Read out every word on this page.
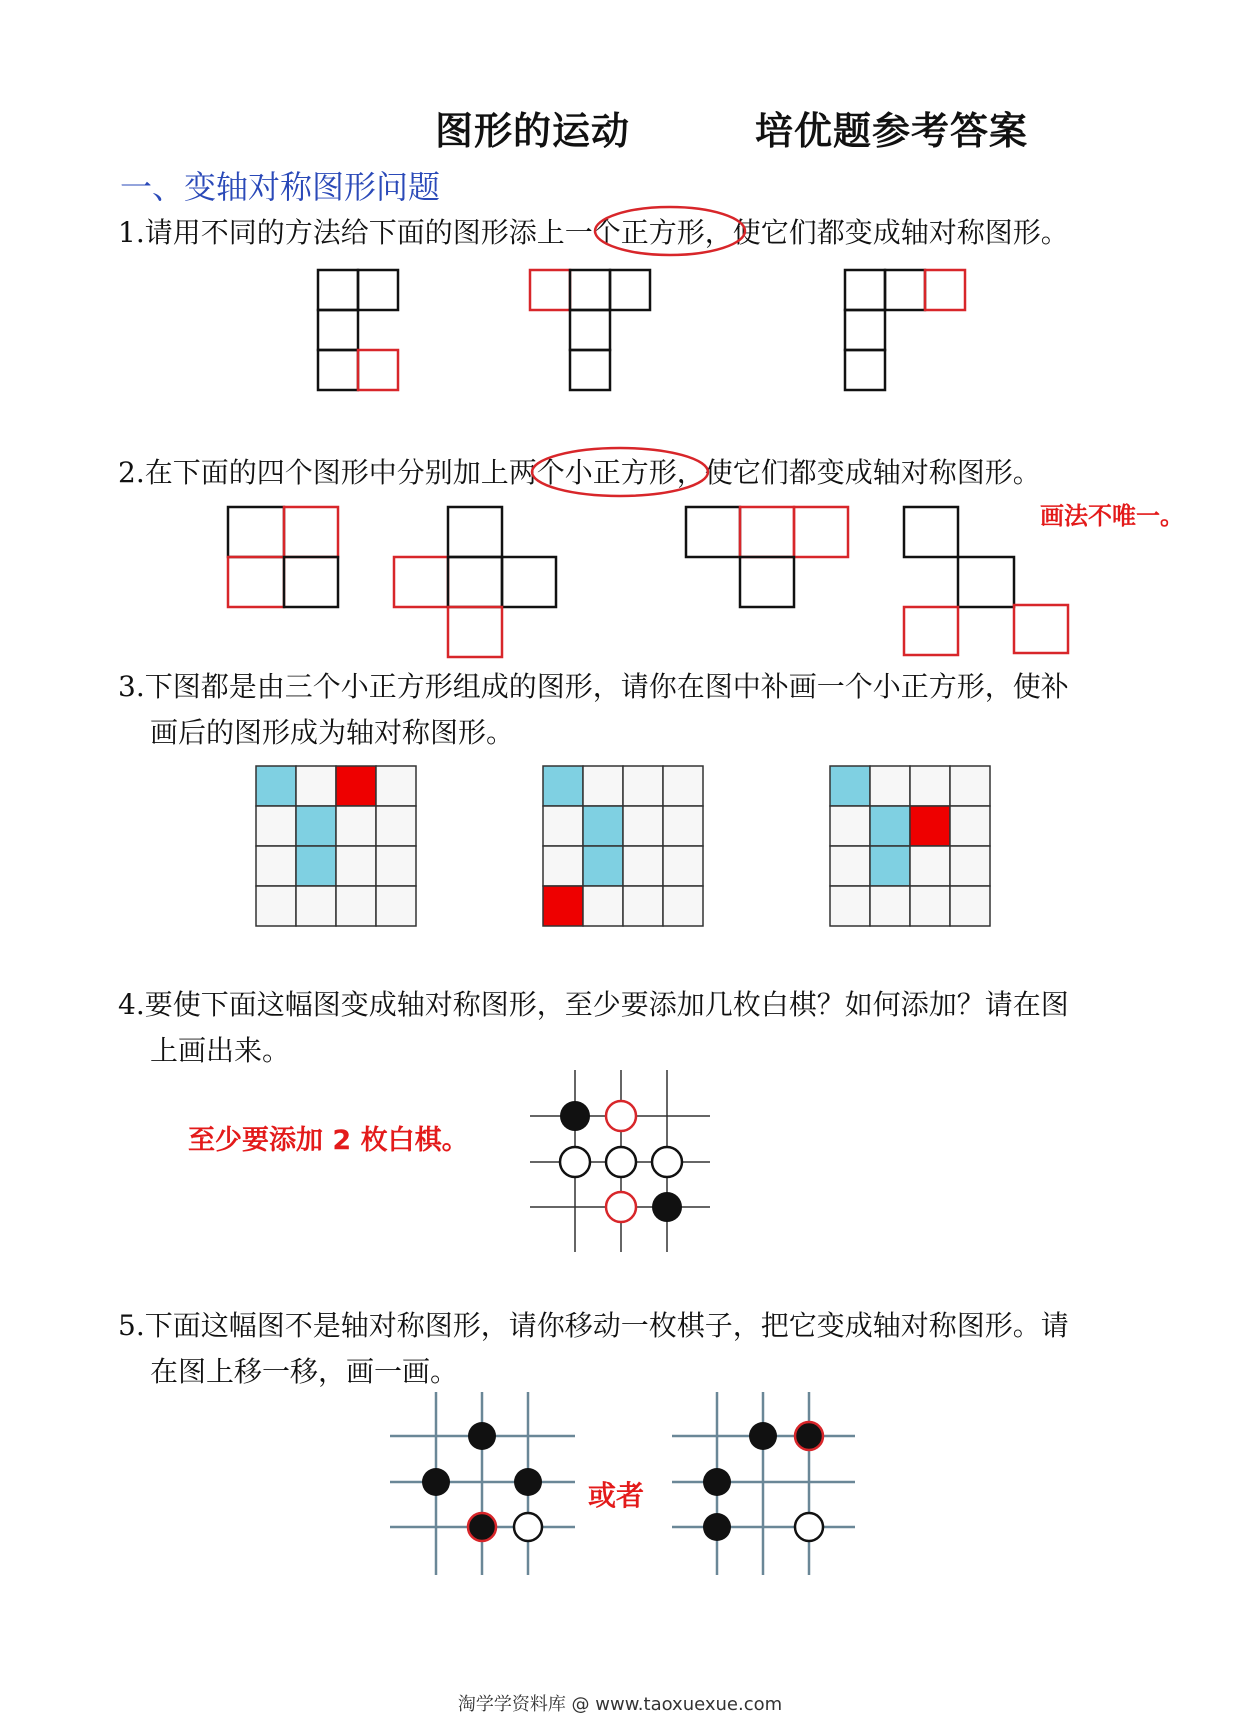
图形的运动	培优题参考答案
一、变轴对称图形问题
1.请用不同的方法给下面的图形添上一个正方形，使它们都变成轴对称图形。
2.在下面的四个图形中分别加上两个小正方形，使它们都变成轴对称图形。
画法不唯一。
3.下图都是由三个小正方形组成的图形，请你在图中补画一个小正方形，使补
画后的图形成为轴对称图形。
4.要使下面这幅图变成轴对称图形，至少要添加几枚白棋？如何添加？请在图
上画出来。
至少要添加 2 枚白棋。
5.下面这幅图不是轴对称图形，请你移动一枚棋子，把它变成轴对称图形。请
在图上移一移，画一画。
或者
淘学学资料库 @ www.taoxuexue.com
